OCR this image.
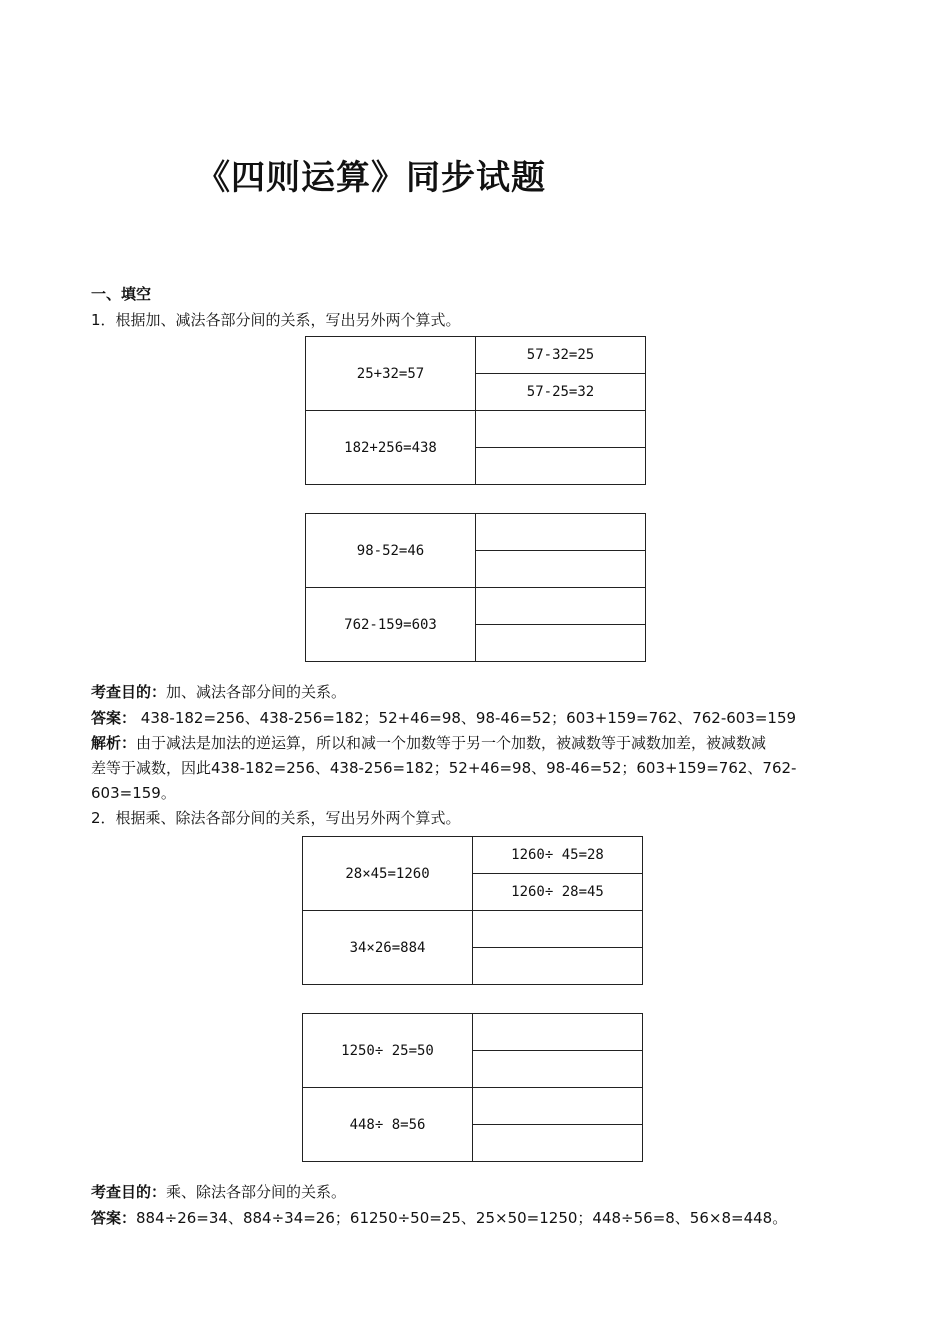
《四则运算》同步试题
一、填空
1．根据加、减法各部分间的关系，写出另外两个算式。
25+32=57	57-32=25
	57-25=32
182+256=438	

98-52=46	

762-159=603	

考查目的：加、减法各部分间的关系。
答案： 438-182=256、438-256=182；52+46=98、98-46=52；603+159=762、762-603=159
解析：由于减法是加法的逆运算，所以和减一个加数等于另一个加数，被减数等于减数加差，被减数减
差等于减数，因此438-182=256、438-256=182；52+46=98、98-46=52；603+159=762、762-
603=159。
2．根据乘、除法各部分间的关系，写出另外两个算式。
28×45=1260	1260÷ 45=28
	1260÷ 28=45
34×26=884	

1250÷ 25=50	

448÷ 8=56	

考查目的：乘、除法各部分间的关系。
答案：884÷26=34、884÷34=26；61250÷50=25、25×50=1250；448÷56=8、56×8=448。
